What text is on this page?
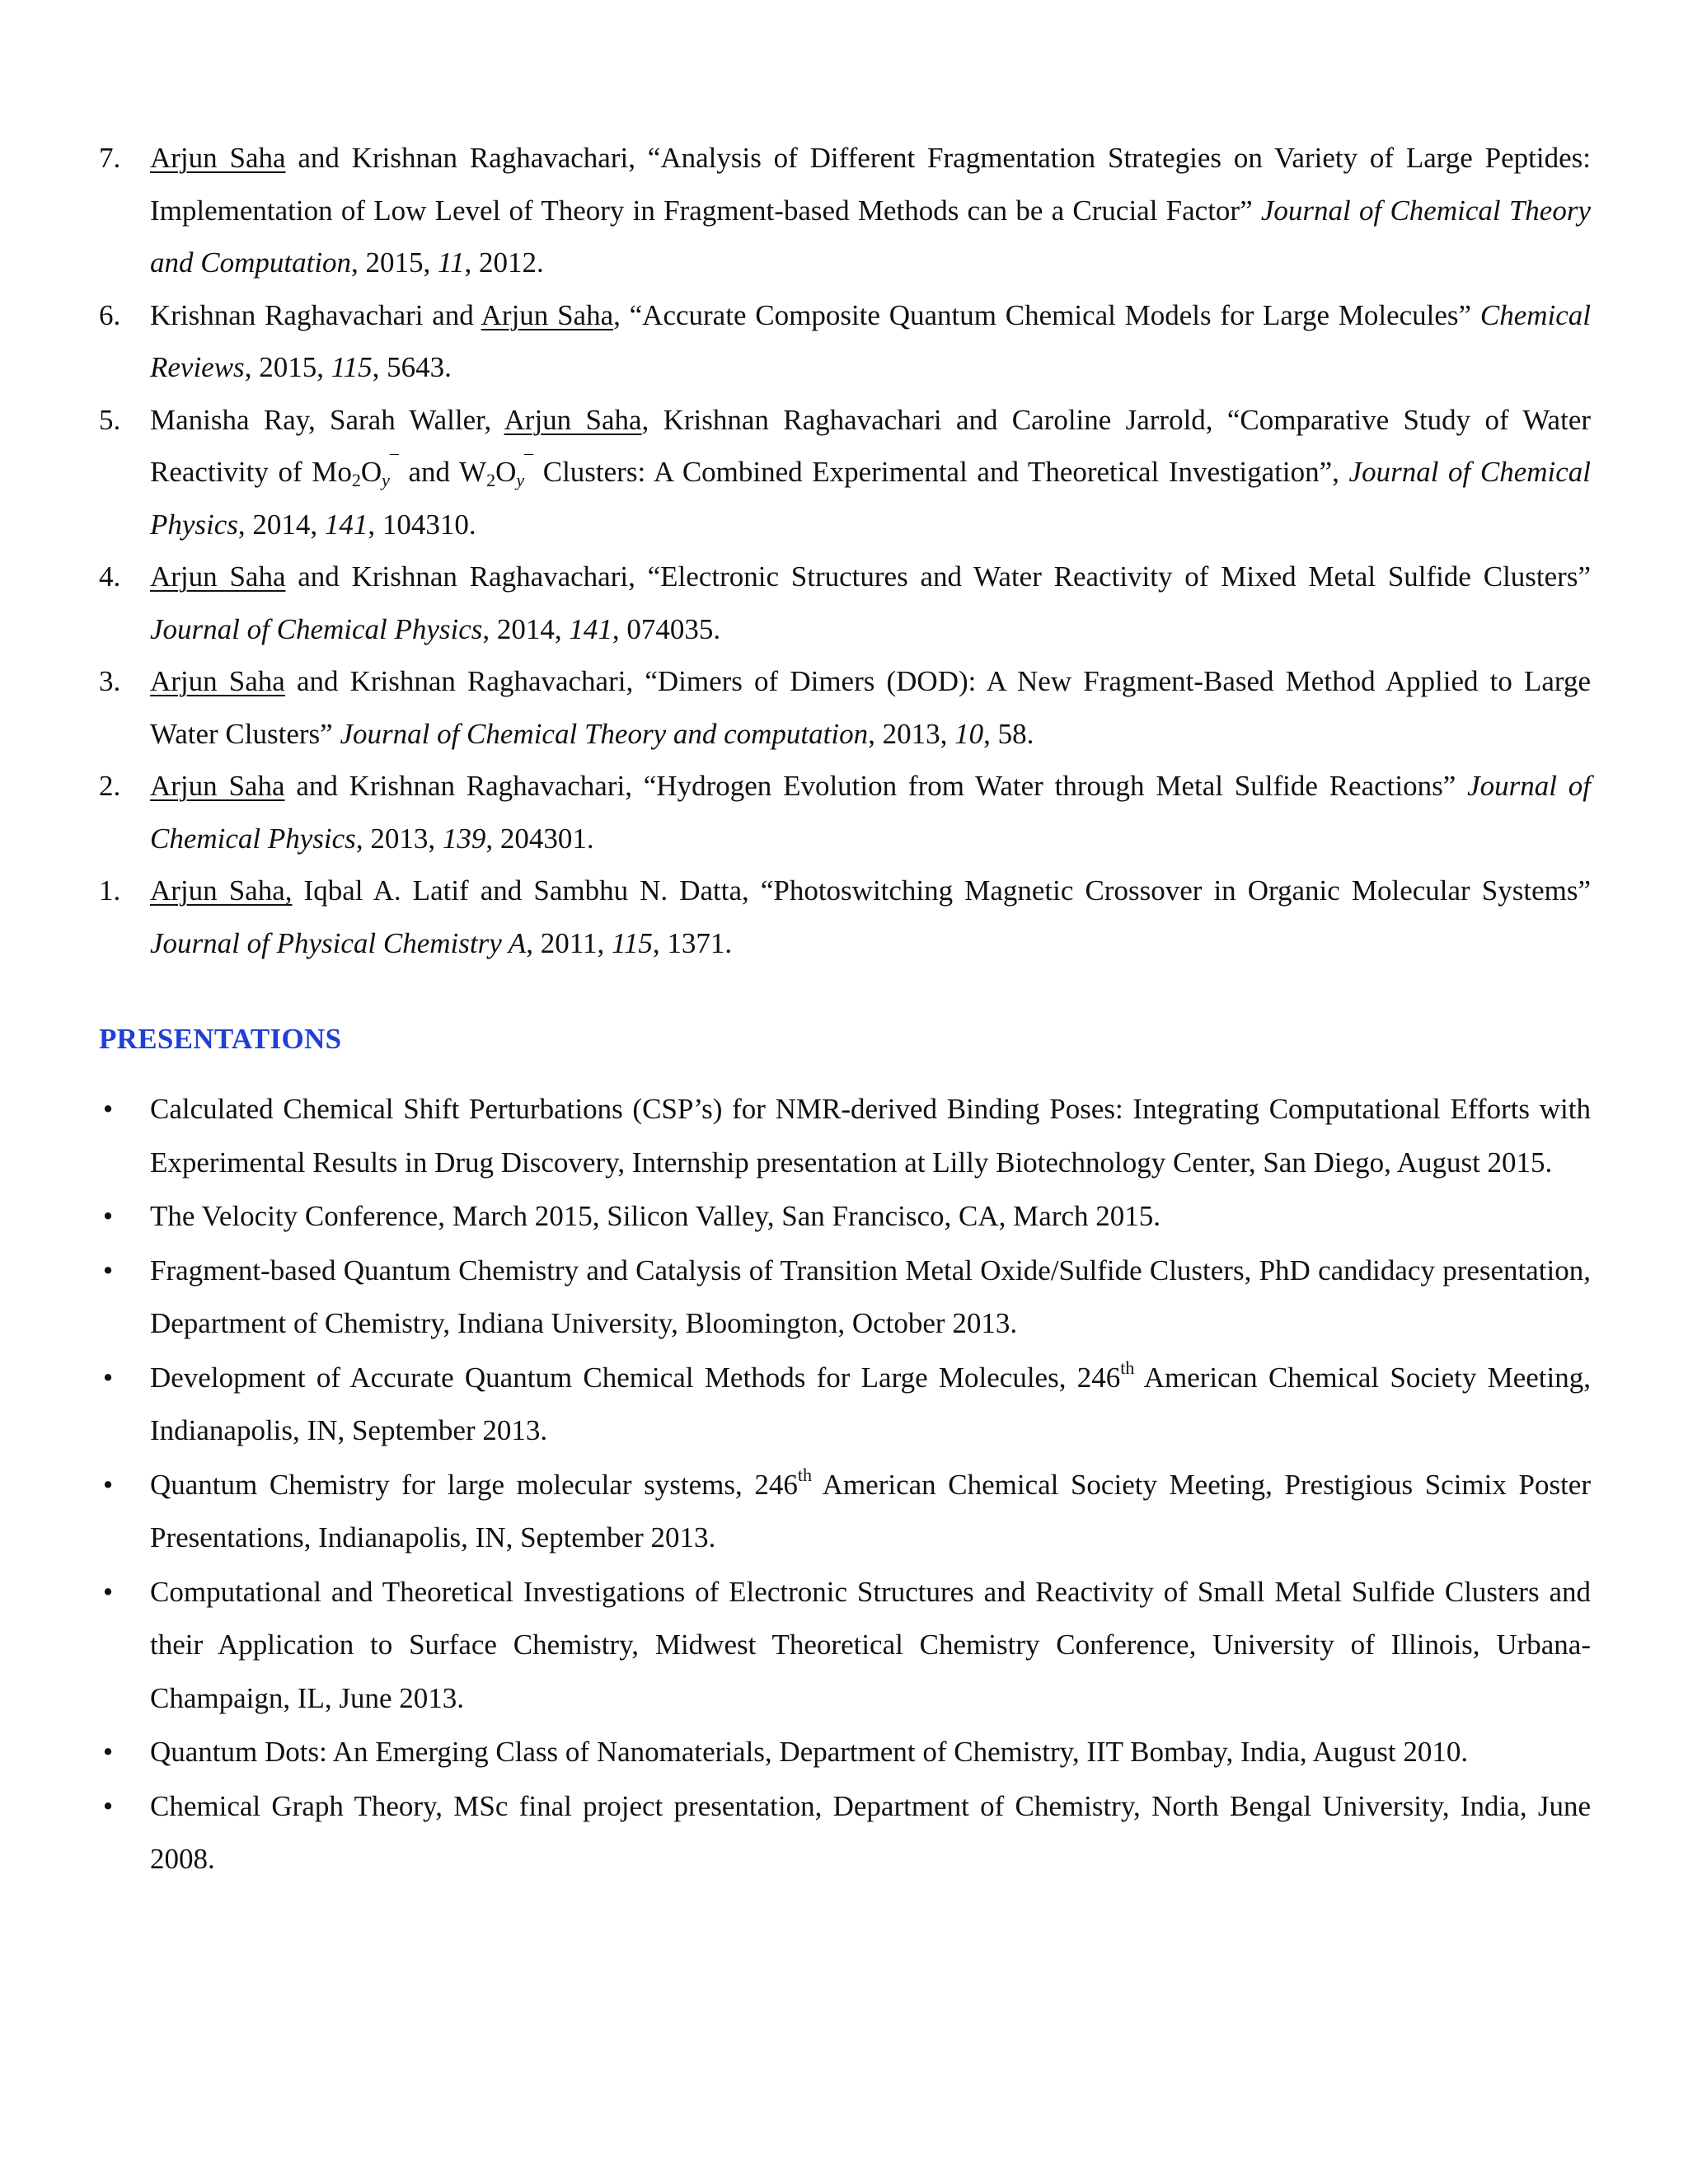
7. Arjun Saha and Krishnan Raghavachari, “Analysis of Different Fragmentation Strategies on Variety of Large Peptides: Implementation of Low Level of Theory in Fragment-based Methods can be a Crucial Factor” Journal of Chemical Theory and Computation, 2015, 11, 2012.
6. Krishnan Raghavachari and Arjun Saha, “Accurate Composite Quantum Chemical Models for Large Molecules” Chemical Reviews, 2015, 115, 5643.
5. Manisha Ray, Sarah Waller, Arjun Saha, Krishnan Raghavachari and Caroline Jarrold, “Comparative Study of Water Reactivity of $Mo_2O_y^¯$ and $W_2O_y^¯$ Clusters: A Combined Experimental and Theoretical Investigation”, Journal of Chemical Physics, 2014, 141, 104310.
4. Arjun Saha and Krishnan Raghavachari, “Electronic Structures and Water Reactivity of Mixed Metal Sulfide Clusters” Journal of Chemical Physics, 2014, 141, 074035.
3. Arjun Saha and Krishnan Raghavachari, “Dimers of Dimers (DOD): A New Fragment-Based Method Applied to Large Water Clusters” Journal of Chemical Theory and computation, 2013, 10, 58.
2. Arjun Saha and Krishnan Raghavachari, “Hydrogen Evolution from Water through Metal Sulfide Reactions” Journal of Chemical Physics, 2013, 139, 204301.
1. Arjun Saha, Iqbal A. Latif and Sambhu N. Datta, “Photoswitching Magnetic Crossover in Organic Molecular Systems” Journal of Physical Chemistry A, 2011, 115, 1371.
PRESENTATIONS
• Calculated Chemical Shift Perturbations (CSP’s) for NMR-derived Binding Poses: Integrating Computational Efforts with Experimental Results in Drug Discovery, Internship presentation at Lilly Biotechnology Center, San Diego, August 2015.
• The Velocity Conference, March 2015, Silicon Valley, San Francisco, CA, March 2015.
• Fragment-based Quantum Chemistry and Catalysis of Transition Metal Oxide/Sulfide Clusters, PhD candidacy presentation, Department of Chemistry, Indiana University, Bloomington, October 2013.
• Development of Accurate Quantum Chemical Methods for Large Molecules, 246th American Chemical Society Meeting, Indianapolis, IN, September 2013.
• Quantum Chemistry for large molecular systems, 246th American Chemical Society Meeting, Prestigious Scimix Poster Presentations, Indianapolis, IN, September 2013.
• Computational and Theoretical Investigations of Electronic Structures and Reactivity of Small Metal Sulfide Clusters and their Application to Surface Chemistry, Midwest Theoretical Chemistry Conference, University of Illinois, Urbana-Champaign, IL, June 2013.
• Quantum Dots: An Emerging Class of Nanomaterials, Department of Chemistry, IIT Bombay, India, August 2010.
• Chemical Graph Theory, MSc final project presentation, Department of Chemistry, North Bengal University, India, June 2008.
